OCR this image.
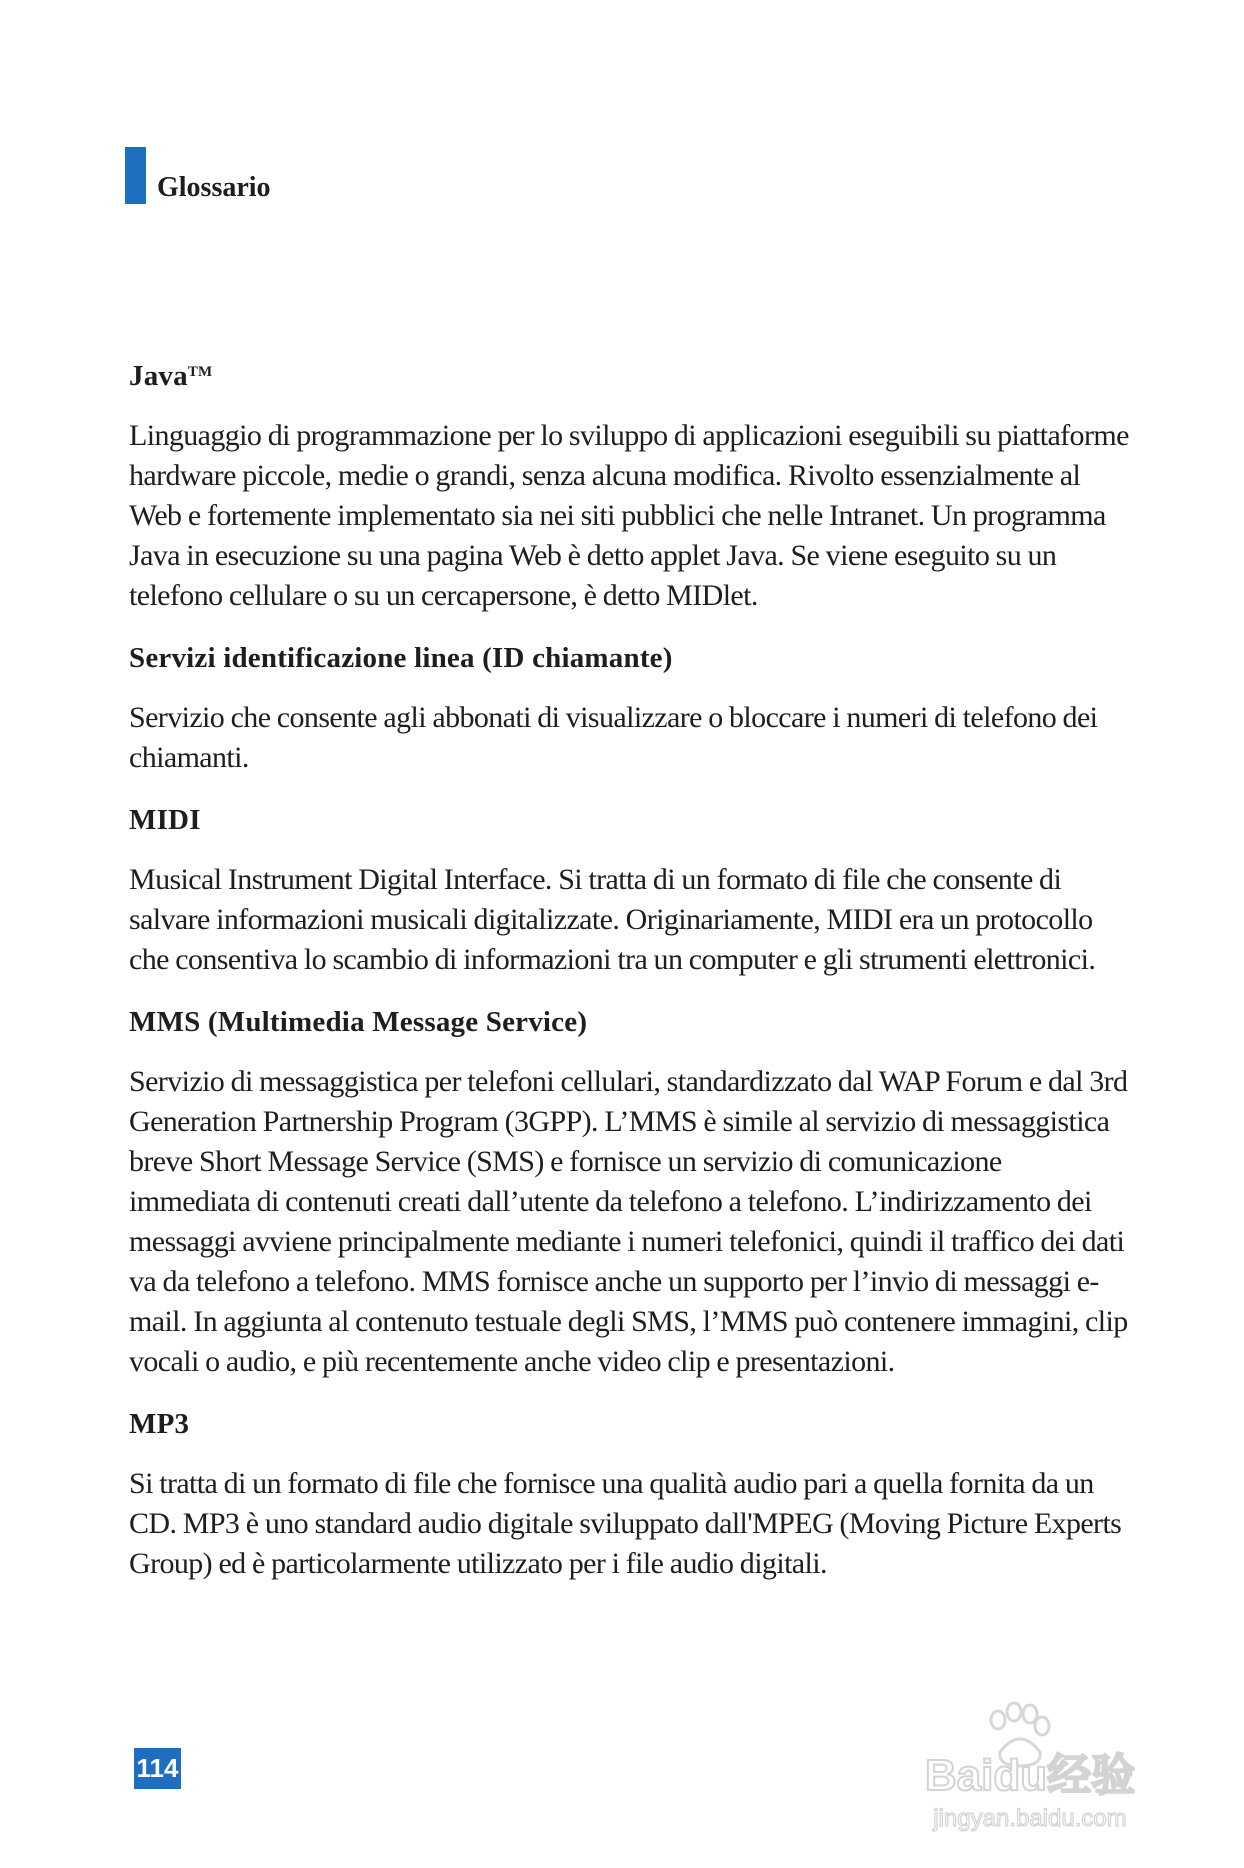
Glossario
Java™

Linguaggio di programmazione per lo sviluppo di applicazioni eseguibili su piattaforme hardware piccole, medie o grandi, senza alcuna modifica. Rivolto essenzialmente al Web e fortemente implementato sia nei siti pubblici che nelle Intranet. Un programma Java in esecuzione su una pagina Web è detto applet Java. Se viene eseguito su un telefono cellulare o su un cercapersone, è detto MIDlet.

Servizi identificazione linea (ID chiamante)

Servizio che consente agli abbonati di visualizzare o bloccare i numeri di telefono dei chiamanti.

MIDI

Musical Instrument Digital Interface. Si tratta di un formato di file che consente di salvare informazioni musicali digitalizzate. Originariamente, MIDI era un protocollo che consentiva lo scambio di informazioni tra un computer e gli strumenti elettronici.

MMS (Multimedia Message Service)

Servizio di messaggistica per telefoni cellulari, standardizzato dal WAP Forum e dal 3rd Generation Partnership Program (3GPP). L’MMS è simile al servizio di messaggistica breve Short Message Service (SMS) e fornisce un servizio di comunicazione immediata di contenuti creati dall’utente da telefono a telefono. L’indirizzamento dei messaggi avviene principalmente mediante i numeri telefonici, quindi il traffico dei dati va da telefono a telefono. MMS fornisce anche un supporto per l’invio di messaggi e-mail. In aggiunta al contenuto testuale degli SMS, l’MMS può contenere immagini, clip vocali o audio, e più recentemente anche video clip e presentazioni.

MP3

Si tratta di un formato di file che fornisce una qualità audio pari a quella fornita da un CD. MP3 è uno standard audio digitale sviluppato dall'MPEG (Moving Picture Experts Group) ed è particolarmente utilizzato per i file audio digitali.

114	Baidu经验
jingyan.baidu.com
